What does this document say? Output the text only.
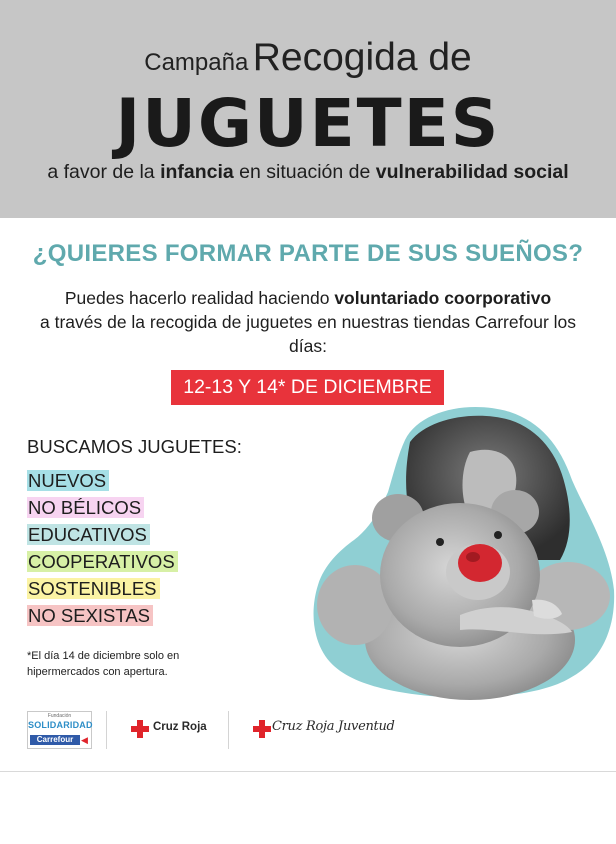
Campaña Recogida de
JUGUETES
a favor de la infancia en situación de vulnerabilidad social
¿QUIERES FORMAR PARTE DE SUS SUEÑOS?
Puedes hacerlo realidad haciendo voluntariado coorporativo
a través de la recogida de juguetes en nuestras tiendas Carrefour los días:
12-13 Y 14* DE DICIEMBRE
BUSCAMOS JUGUETES:
NUEVOS
NO BÉLICOS
EDUCATIVOS
COOPERATIVOS
SOSTENIBLES
NO SEXISTAS
*El día 14 de diciembre solo en hipermercados con apertura.
Fundación
SOLIDARIDAD
Carrefour ◀
Cruz Roja	Cruz Roja Juventud
